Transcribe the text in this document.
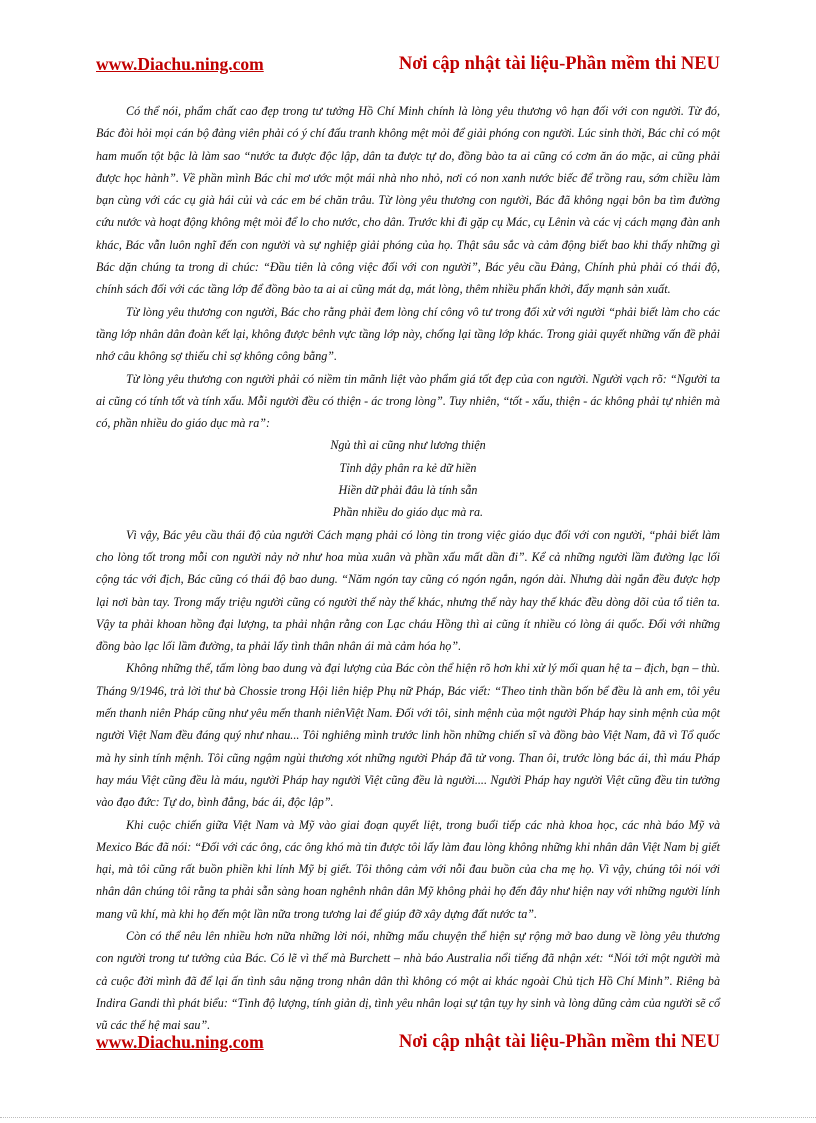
www.Diachu.ning.com	Nơi cập nhật tài liệu-Phần mềm thi NEU

Có thể nói, phẩm chất cao đẹp trong tư tưởng Hồ Chí Minh chính là lòng yêu thương vô hạn đối với con người. Từ đó, Bác đòi hỏi mọi cán bộ đảng viên phải có ý chí đấu tranh không mệt mỏi để giải phóng con người. Lúc sinh thời, Bác chỉ có một ham muốn tột bậc là làm sao “nước ta được độc lập, dân ta được tự do, đồng bào ta ai cũng có cơm ăn áo mặc, ai cũng phải được học hành”. Về phần mình Bác chỉ mơ ước một mái nhà nho nhỏ, nơi có non xanh nước biếc để trồng rau, sớm chiều làm bạn cùng với các cụ già hái củi và các em bé chăn trâu. Từ lòng yêu thương con người, Bác đã không ngại bôn ba tìm đường cứu nước và hoạt động không mệt mỏi để lo cho nước, cho dân. Trước khi đi gặp cụ Mác, cụ Lênin và các vị cách mạng đàn anh khác, Bác vẫn luôn nghĩ đến con người và sự nghiệp giải phóng của họ. Thật sâu sắc và cảm động biết bao khi thấy những gì Bác dặn chúng ta trong di chúc: “Đầu tiên là công việc đối với con người”, Bác yêu cầu Đảng, Chính phủ phải có thái độ, chính sách đối với các tầng lớp để đồng bào ta ai ai cũng mát dạ, mát lòng, thêm nhiều phấn khởi, đẩy mạnh sản xuất.

Từ lòng yêu thương con người, Bác cho rằng phải đem lòng chí công vô tư trong đối xử với người “phải biết làm cho các tầng lớp nhân dân đoàn kết lại, không được bênh vực tầng lớp này, chống lại tầng lớp khác. Trong giải quyết những vấn đề phải nhớ câu không sợ thiếu chỉ sợ không công bằng”.

Từ lòng yêu thương con người phải có niềm tin mãnh liệt vào phẩm giá tốt đẹp của con người. Người vạch rõ: “Người ta ai cũng có tính tốt và tính xấu. Mỗi người đều có thiện - ác trong lòng”. Tuy nhiên, “tốt - xấu, thiện - ác không phải tự nhiên mà có, phần nhiều do giáo dục mà ra”:

Ngủ thì ai cũng như lương thiện
Tỉnh dậy phân ra kẻ dữ hiền
Hiền dữ phải đâu là tính sẵn
Phần nhiều do giáo dục mà ra.

Vì vậy, Bác yêu cầu thái độ của người Cách mạng phải có lòng tin trong việc giáo dục đối với con người, “phải biết làm cho lòng tốt trong mỗi con người nảy nở như hoa mùa xuân và phần xấu mất dần đi”. Kể cả những người lầm đường lạc lối cộng tác với địch, Bác cũng có thái độ bao dung. “Năm ngón tay cũng có ngón ngắn, ngón dài. Nhưng dài ngắn đều được hợp lại nơi bàn tay. Trong mấy triệu người cũng có người thế này thế khác, nhưng thế này hay thế khác đều dòng dõi của tổ tiên ta. Vậy ta phải khoan hồng đại lượng, ta phải nhận rằng con Lạc cháu Hồng thì ai cũng ít nhiều có lòng ái quốc. Đối với những đồng bào lạc lối lầm đường, ta phải lấy tình thân nhân ái mà cảm hóa họ”.

Không những thế, tấm lòng bao dung và đại lượng của Bác còn thể hiện rõ hơn khi xử lý mối quan hệ ta – địch, bạn – thù. Tháng 9/1946, trả lời thư bà Chossie trong Hội liên hiệp Phụ nữ Pháp, Bác viết: “Theo tinh thần bốn bể đều là anh em, tôi yêu mến thanh niên Pháp cũng như yêu mến thanh niênViệt Nam. Đối với tôi, sinh mệnh của một người Pháp hay sinh mệnh của một người Việt Nam đều đáng quý như nhau... Tôi nghiêng mình trước linh hồn những chiến sĩ và đồng bào Việt Nam, đã vì Tổ quốc mà hy sinh tính mệnh. Tôi cũng ngậm ngùi thương xót những người Pháp đã tử vong. Than ôi, trước lòng bác ái, thì máu Pháp hay máu Việt cũng đều là máu, người Pháp hay người Việt cũng đều là người.... Người Pháp hay người Việt cũng đều tin tưởng vào đạo đức: Tự do, bình đẳng, bác ái, độc lập”.

Khi cuộc chiến giữa Việt Nam và Mỹ vào giai đoạn quyết liệt, trong buổi tiếp các nhà khoa học, các nhà báo Mỹ và Mexico Bác đã nói: “Đối với các ông, các ông khó mà tin được tôi lấy làm đau lòng không những khi nhân dân Việt Nam bị giết hại, mà tôi cũng rất buồn phiền khi lính Mỹ bị giết. Tôi thông cảm với nỗi đau buồn của cha mẹ họ. Vì vậy, chúng tôi nói với nhân dân chúng tôi rằng ta phải sẵn sàng hoan nghênh nhân dân Mỹ không phải họ đến đây như hiện nay với những người lính mang vũ khí, mà khi họ đến một lần nữa trong tương lai để giúp đỡ xây dựng đất nước ta”.

Còn có thể nêu lên nhiều hơn nữa những lời nói, những mẩu chuyện thể hiện sự rộng mở bao dung về lòng yêu thương con người trong tư tưởng của Bác. Có lẽ vì thế mà Burchett – nhà báo Australia nổi tiếng đã nhận xét: “Nói tới một người mà cả cuộc đời mình đã để lại ấn tình sâu nặng trong nhân dân thì không có một ai khác ngoài Chủ tịch Hồ Chí Minh”. Riêng bà Indira Gandi thì phát biểu: “Tình độ lượng, tính giản dị, tình yêu nhân loại sự tận tụy hy sinh và lòng dũng cảm của người sẽ cổ vũ các thế hệ mai sau”.

www.Diachu.ning.com	Nơi cập nhật tài liệu-Phần mềm thi NEU
